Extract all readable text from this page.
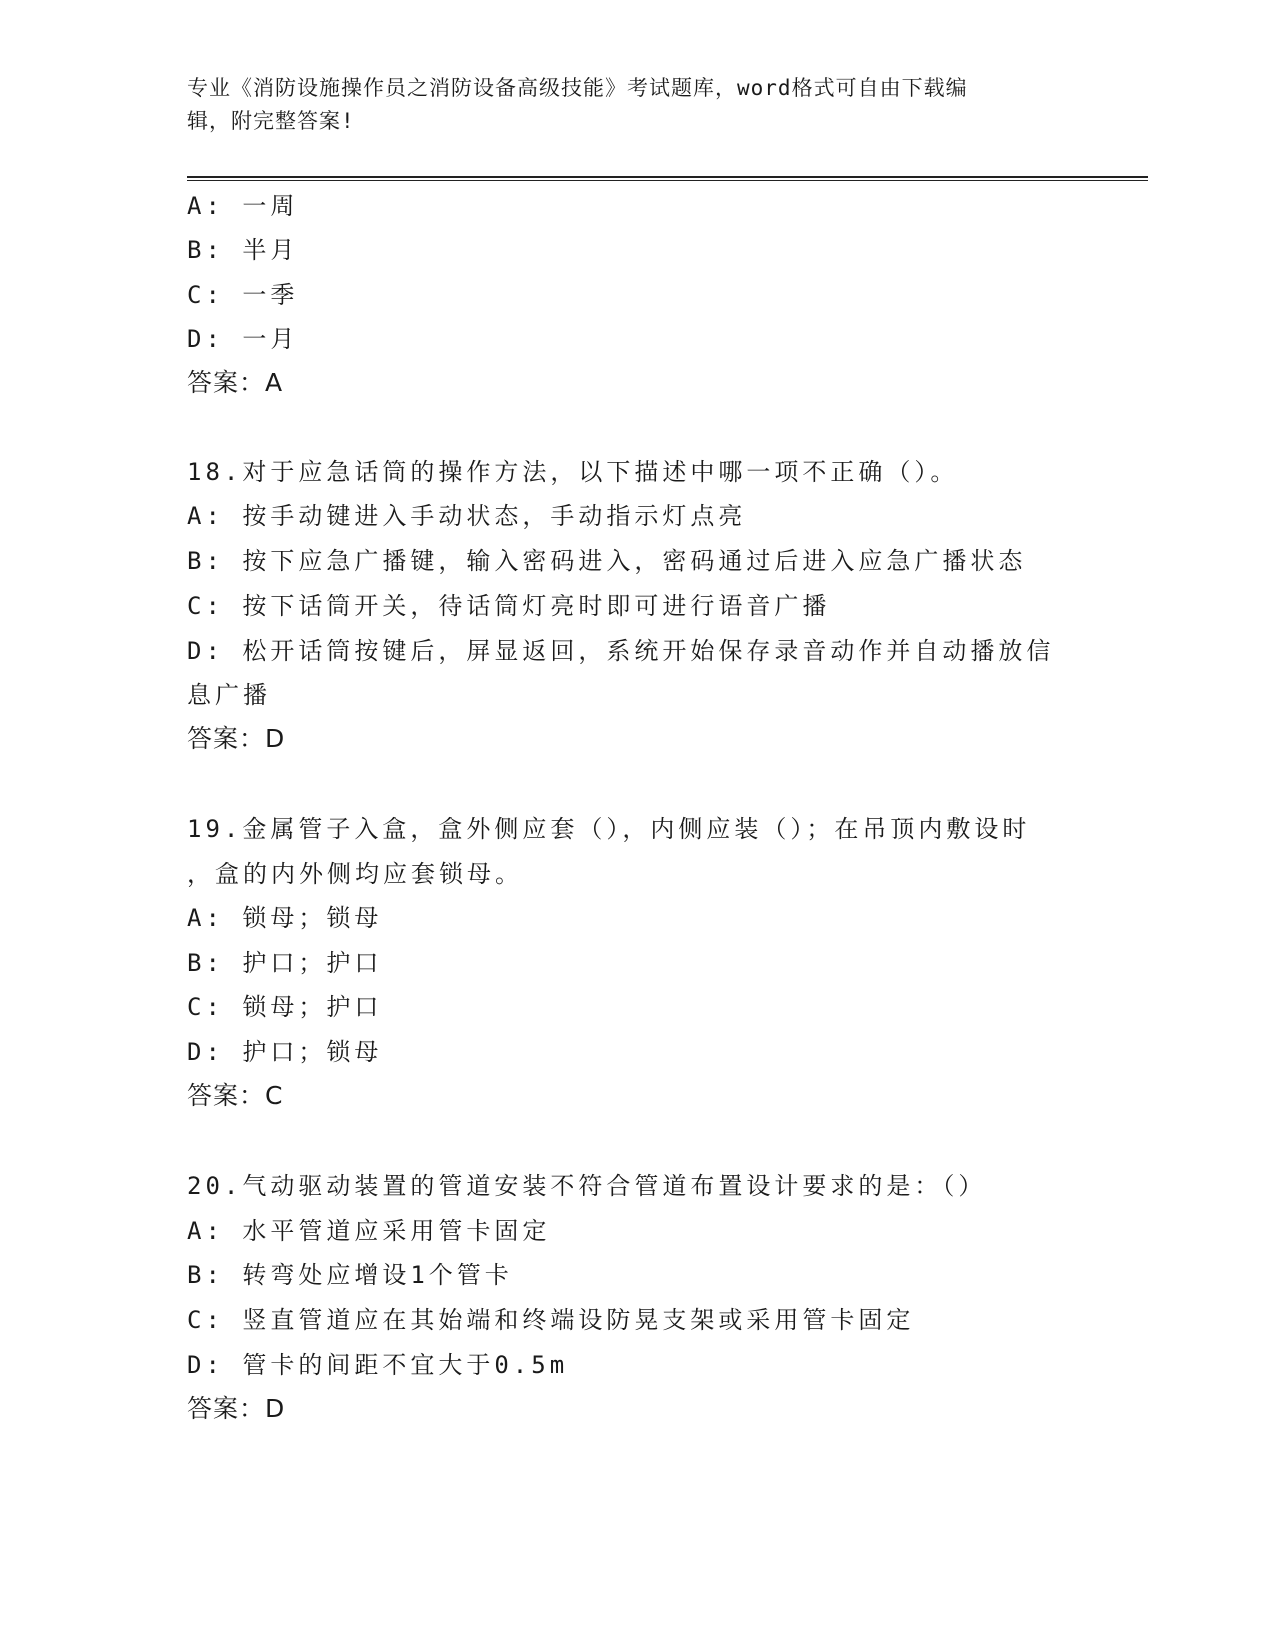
专业《消防设施操作员之消防设备高级技能》考试题库，word格式可自由下载编
辑，附完整答案!
A: 一周
B: 半月
C: 一季
D: 一月
答案：A
18.对于应急话筒的操作方法，以下描述中哪一项不正确（）。
A: 按手动键进入手动状态，手动指示灯点亮
B: 按下应急广播键，输入密码进入，密码通过后进入应急广播状态
C: 按下话筒开关，待话筒灯亮时即可进行语音广播
D: 松开话筒按键后，屏显返回，系统开始保存录音动作并自动播放信
息广播
答案：D
19.金属管子入盒，盒外侧应套（），内侧应装（）；在吊顶内敷设时
，盒的内外侧均应套锁母。
A: 锁母；锁母
B: 护口；护口
C: 锁母；护口
D: 护口；锁母
答案：C
20.气动驱动装置的管道安装不符合管道布置设计要求的是：（）
A: 水平管道应采用管卡固定
B: 转弯处应增设1个管卡
C: 竖直管道应在其始端和终端设防晃支架或采用管卡固定
D: 管卡的间距不宜大于0.5m
答案：D
